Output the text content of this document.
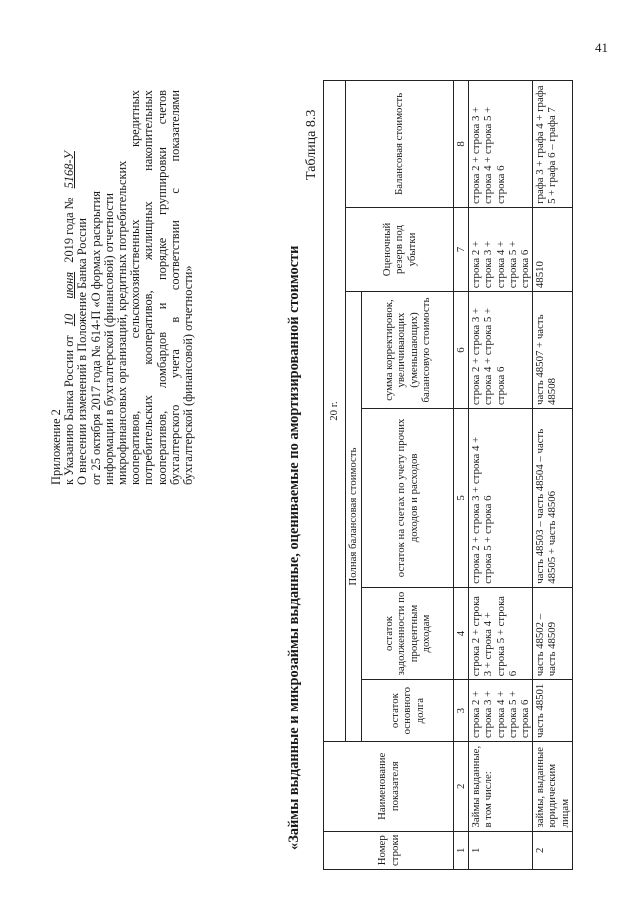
41
Приложение 2 к Указанию Банка России от 10 июня 2019 года № 5168-У
О внесении изменений в Положение Банка России от 25 октября 2017 года № 614-П «О формах раскрытия информации в бухгалтерской (финансовой) отчетности микрофинансовых организаций, кредитных потребительских кооперативов, сельскохозяйственных кредитных потребительских кооперативов, жилищных накопительных кооперативов, ломбардов и порядке группировки счетов бухгалтерского учета в соответствии с показателями бухгалтерской (финансовой) отчетности»	«Займы выданные и микрозаймы выданные, оцениваемые по амортизированной стоимости
Таблица 8.3
Номер строки	Наименование показателя	20 г.					
		Полная балансовая стоимость				Оценочный резерв под убытки	Балансовая стоимость
		остаток основного долга	остаток задолженности по процентным доходам	остаток на счетах по учету прочих доходов и расходов	сумма корректировок, увеличивающих (уменьшающих) балансовую стоимость		
1	2	3	4	5	6	7	8
1	Займы выданные, в том числе:	строка 2 + строка 3 + строка 4 + строка 5 + строка 6	строка 2 + строка 3 + строка 4 + строка 5 + строка 6	строка 2 + строка 3 + строка 4 + строка 5 + строка 6	строка 2 + строка 3 + строка 4 + строка 5 + строка 6	строка 2 + строка 3 + строка 4 + строка 5 + строка 6	строка 2 + строка 3 + строка 4 + строка 5 + строка 6
2	займы, выданные юридическим лицам	часть 48501	часть 48502 – часть 48509	часть 48503 – часть 48504 – часть 48505 + часть 48506	часть 48507 + часть 48508	48510	графа 3 + графа 4 + графа 5 + графа 6 – графа 7
